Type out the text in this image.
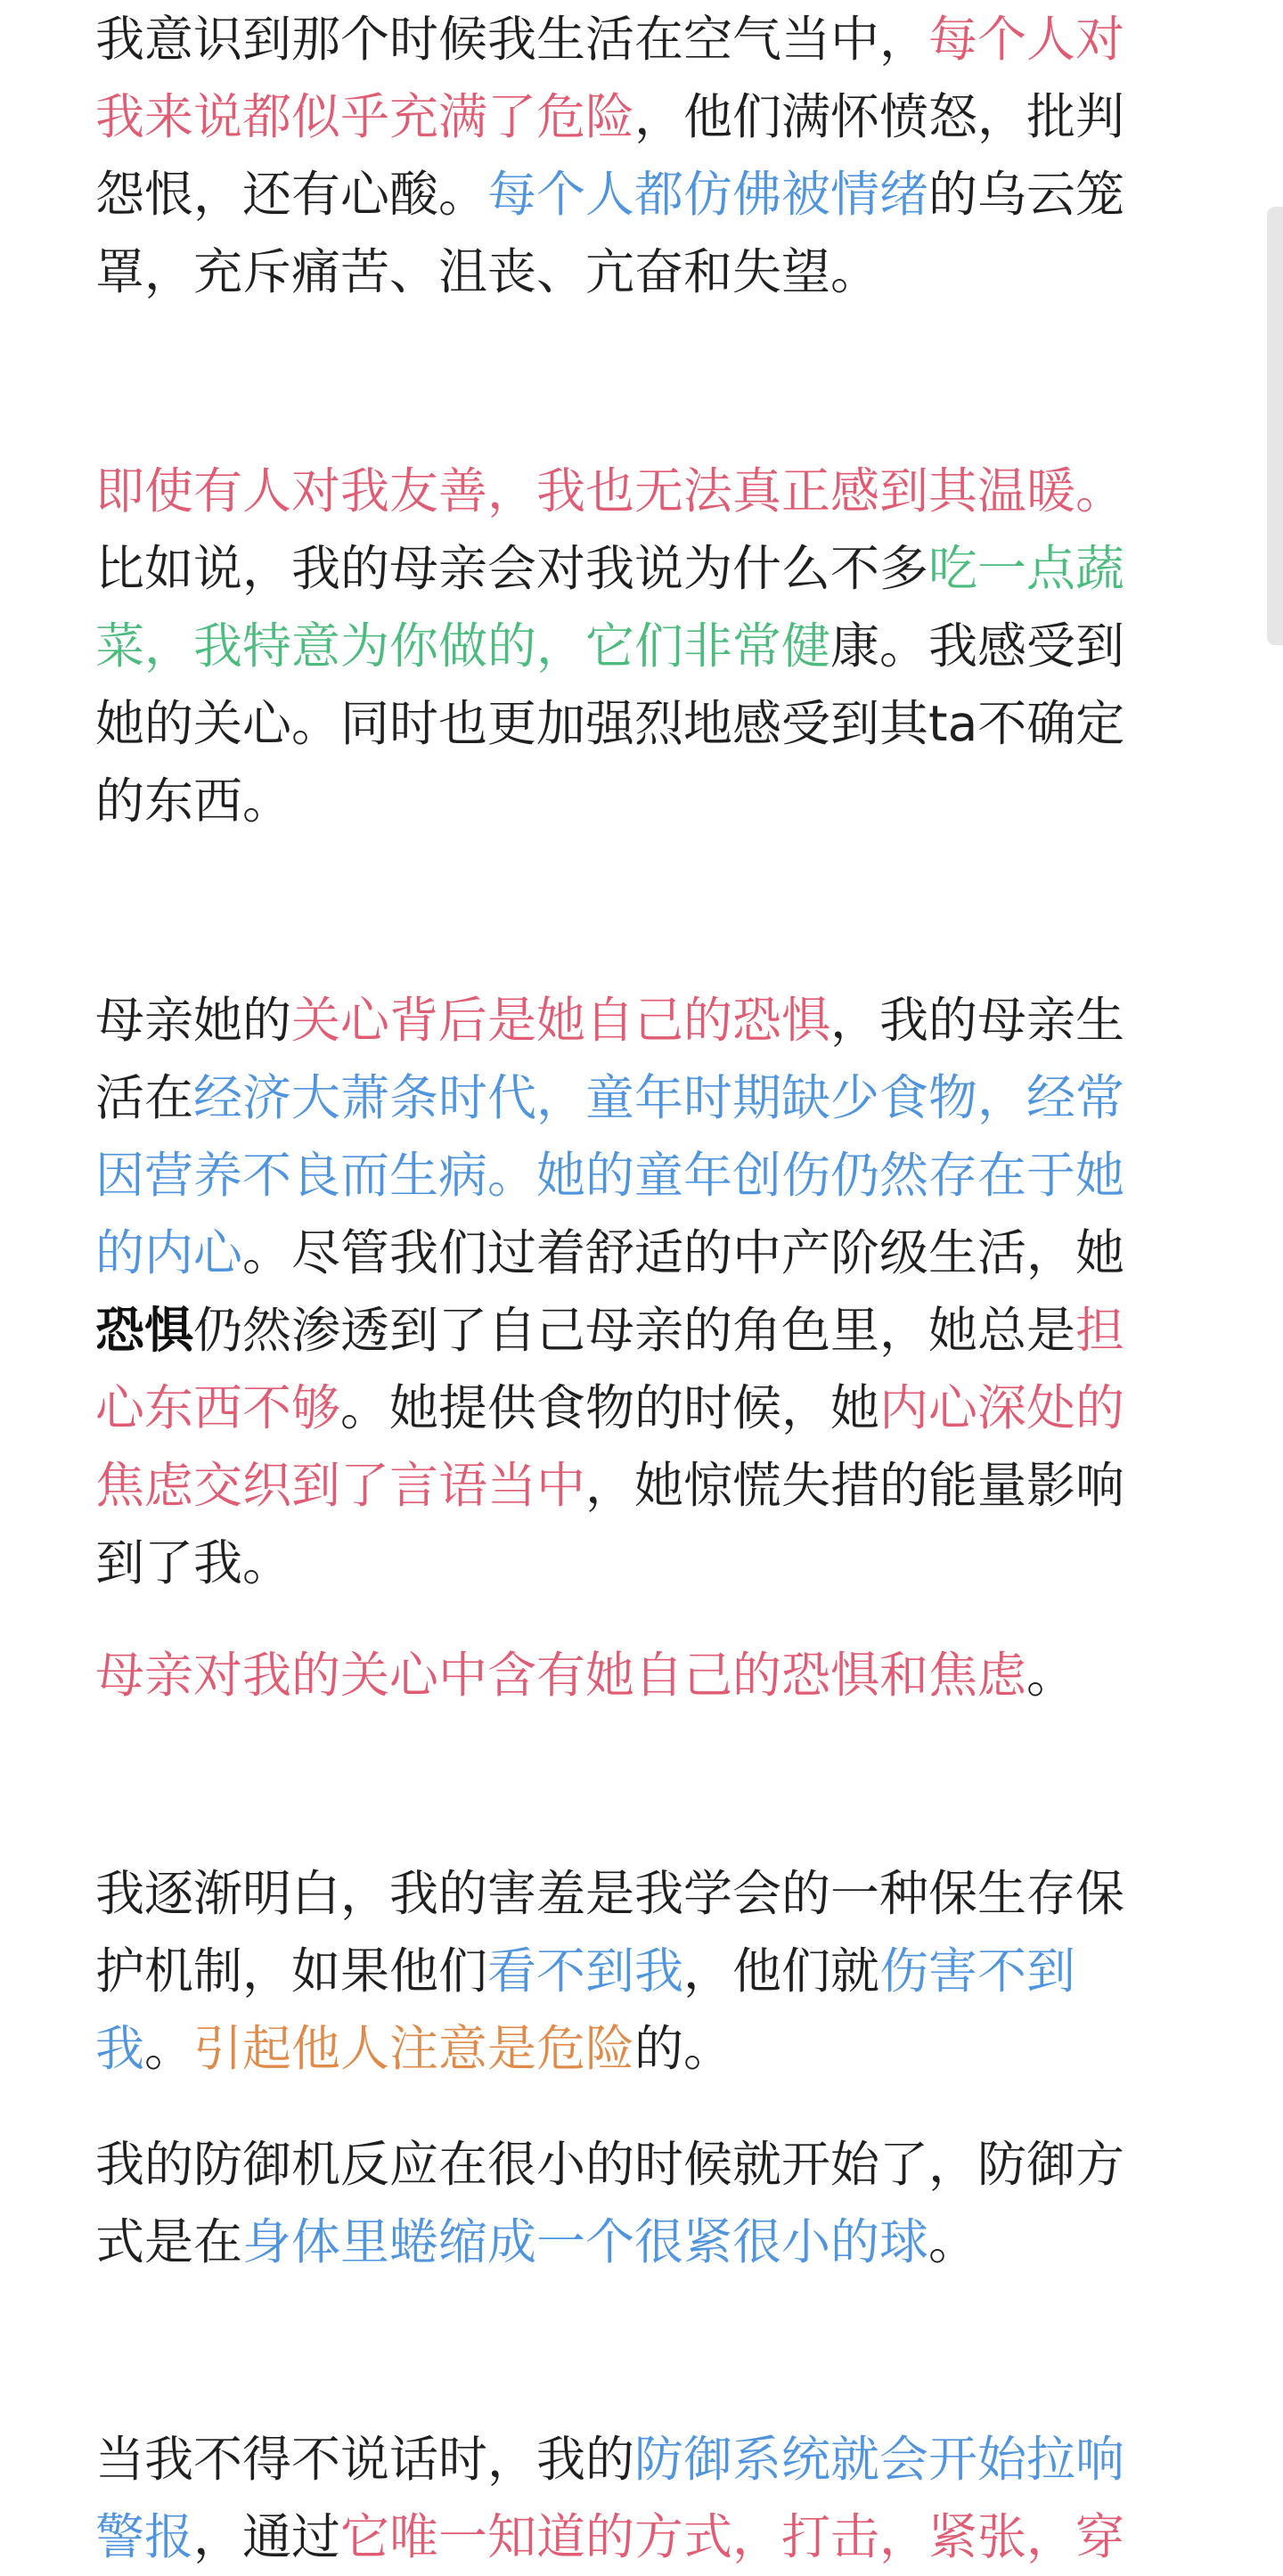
我意识到那个时候我生活在空气当中，每个人对我来说都似乎充满了危险，他们满怀愤怒，批判怨恨，还有心酸。每个人都仿佛被情绪的乌云笼罩，充斥痛苦、沮丧、亢奋和失望。

即使有人对我友善，我也无法真正感到其温暖。比如说，我的母亲会对我说为什么不多吃一点蔬菜，我特意为你做的，它们非常健康。我感受到她的关心。同时也更加强烈地感受到其ta不确定的东西。

母亲她的关心背后是她自己的恐惧，我的母亲生活在经济大萧条时代，童年时期缺少食物，经常因营养不良而生病。她的童年创伤仍然存在于她的内心。尽管我们过着舒适的中产阶级生活，她恐惧仍然渗透到了自己母亲的角色里，她总是担心东西不够。她提供食物的时候，她内心深处的焦虑交织到了言语当中，她惊慌失措的能量影响到了我。

母亲对我的关心中含有她自己的恐惧和焦虑。

我逐渐明白，我的害羞是我学会的一种保生存保护机制，如果他们看不到我，他们就伤害不到我。引起他人注意是危险的。

我的防御机反应在很小的时候就开始了，防御方式是在身体里蜷缩成一个很紧很小的球。

当我不得不说话时，我的防御系统就会开始拉响警报，通过它唯一知道的方式，打击，紧张，穿
